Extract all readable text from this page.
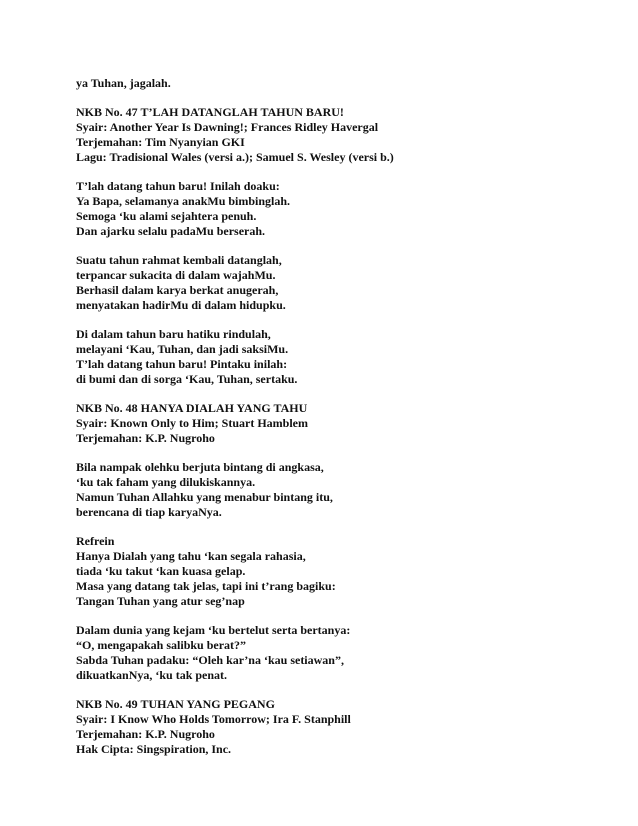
ya Tuhan, jagalah.
NKB No. 47 T’LAH DATANGLAH TAHUN BARU!
Syair: Another Year Is Dawning!; Frances Ridley Havergal
Terjemahan: Tim Nyanyian GKI
Lagu: Tradisional Wales (versi a.); Samuel S. Wesley (versi b.)
T’lah datang tahun baru! Inilah doaku:
Ya Bapa, selamanya anakMu bimbinglah.
Semoga ‘ku alami sejahtera penuh.
Dan ajarku selalu padaMu berserah.
Suatu tahun rahmat kembali datanglah,
terpancar sukacita di dalam wajahMu.
Berhasil dalam karya berkat anugerah,
menyatakan hadirMu di dalam hidupku.
Di dalam tahun baru hatiku rindulah,
melayani ‘Kau, Tuhan, dan jadi saksiMu.
T’lah datang tahun baru! Pintaku inilah:
di bumi dan di sorga ‘Kau, Tuhan, sertaku.
NKB No. 48 HANYA DIALAH YANG TAHU
Syair: Known Only to Him; Stuart Hamblem
Terjemahan: K.P. Nugroho
Bila nampak olehku berjuta bintang di angkasa,
‘ku tak faham yang dilukiskannya.
Namun Tuhan Allahku yang menabur bintang itu,
berencana di tiap karyaNya.
Refrein
Hanya Dialah yang tahu ‘kan segala rahasia,
tiada ‘ku takut ‘kan kuasa gelap.
Masa yang datang tak jelas, tapi ini t’rang bagiku:
Tangan Tuhan yang atur seg’nap
Dalam dunia yang kejam ‘ku bertelut serta bertanya:
“O, mengapakah salibku berat?”
Sabda Tuhan padaku: “Oleh kar’na ‘kau setiawan”,
dikuatkanNya, ‘ku tak penat.
NKB No. 49 TUHAN YANG PEGANG
Syair: I Know Who Holds Tomorrow; Ira F. Stanphill
Terjemahan: K.P. Nugroho
Hak Cipta: Singspiration, Inc.
